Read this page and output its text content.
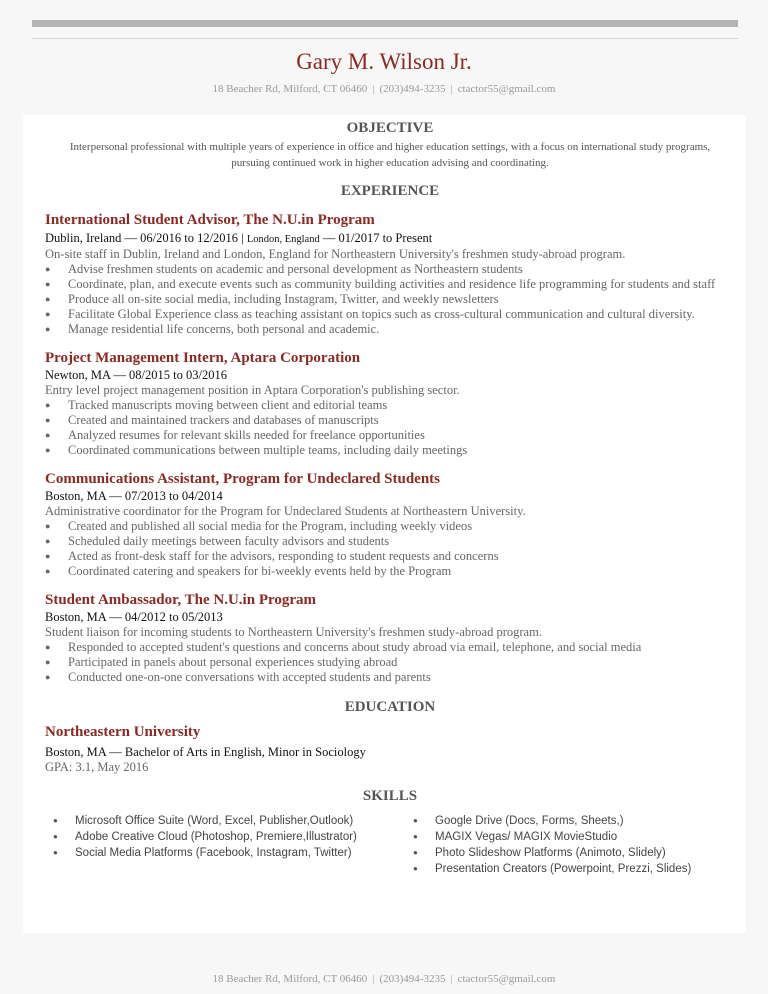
Gary M. Wilson Jr.
18 Beacher Rd, Milford, CT 06460 | (203)494-3235 | ctactor55@gmail.com
OBJECTIVE
Interpersonal professional with multiple years of experience in office and higher education settings, with a focus on international study programs, pursuing continued work in higher education advising and coordinating.
EXPERIENCE
International Student Advisor, The N.U.in Program
Dublin, Ireland — 06/2016 to 12/2016 | London, England — 01/2017 to Present
On-site staff in Dublin, Ireland and London, England for Northeastern University's freshmen study-abroad program.
● Advise freshmen students on academic and personal development as Northeastern students
● Coordinate, plan, and execute events such as community building activities and residence life programming for students and staff
● Produce all on-site social media, including Instagram, Twitter, and weekly newsletters
● Facilitate Global Experience class as teaching assistant on topics such as cross-cultural communication and cultural diversity.
● Manage residential life concerns, both personal and academic.
Project Management Intern, Aptara Corporation
Newton, MA — 08/2015 to 03/2016
Entry level project management position in Aptara Corporation's publishing sector.
● Tracked manuscripts moving between client and editorial teams
● Created and maintained trackers and databases of manuscripts
● Analyzed resumes for relevant skills needed for freelance opportunities
● Coordinated communications between multiple teams, including daily meetings
Communications Assistant, Program for Undeclared Students
Boston, MA — 07/2013 to 04/2014
Administrative coordinator for the Program for Undeclared Students at Northeastern University.
● Created and published all social media for the Program, including weekly videos
● Scheduled daily meetings between faculty advisors and students
● Acted as front-desk staff for the advisors, responding to student requests and concerns
● Coordinated catering and speakers for bi-weekly events held by the Program
Student Ambassador, The N.U.in Program
Boston, MA — 04/2012 to 05/2013
Student liaison for incoming students to Northeastern University's freshmen study-abroad program.
● Responded to accepted student's questions and concerns about study abroad via email, telephone, and social media
● Participated in panels about personal experiences studying abroad
● Conducted one-on-one conversations with accepted students and parents
EDUCATION
Northeastern University
Boston, MA — Bachelor of Arts in English, Minor in Sociology
GPA: 3.1, May 2016
SKILLS
● Microsoft Office Suite (Word, Excel, Publisher,Outlook)
● Adobe Creative Cloud (Photoshop, Premiere,Illustrator)
● Social Media Platforms (Facebook, Instagram, Twitter)
● Google Drive (Docs, Forms, Sheets,)
● MAGIX Vegas/ MAGIX MovieStudio
● Photo Slideshow Platforms (Animoto, Slidely)
● Presentation Creators (Powerpoint, Prezzi, Slides)
18 Beacher Rd, Milford, CT 06460 | (203)494-3235 | ctactor55@gmail.com
